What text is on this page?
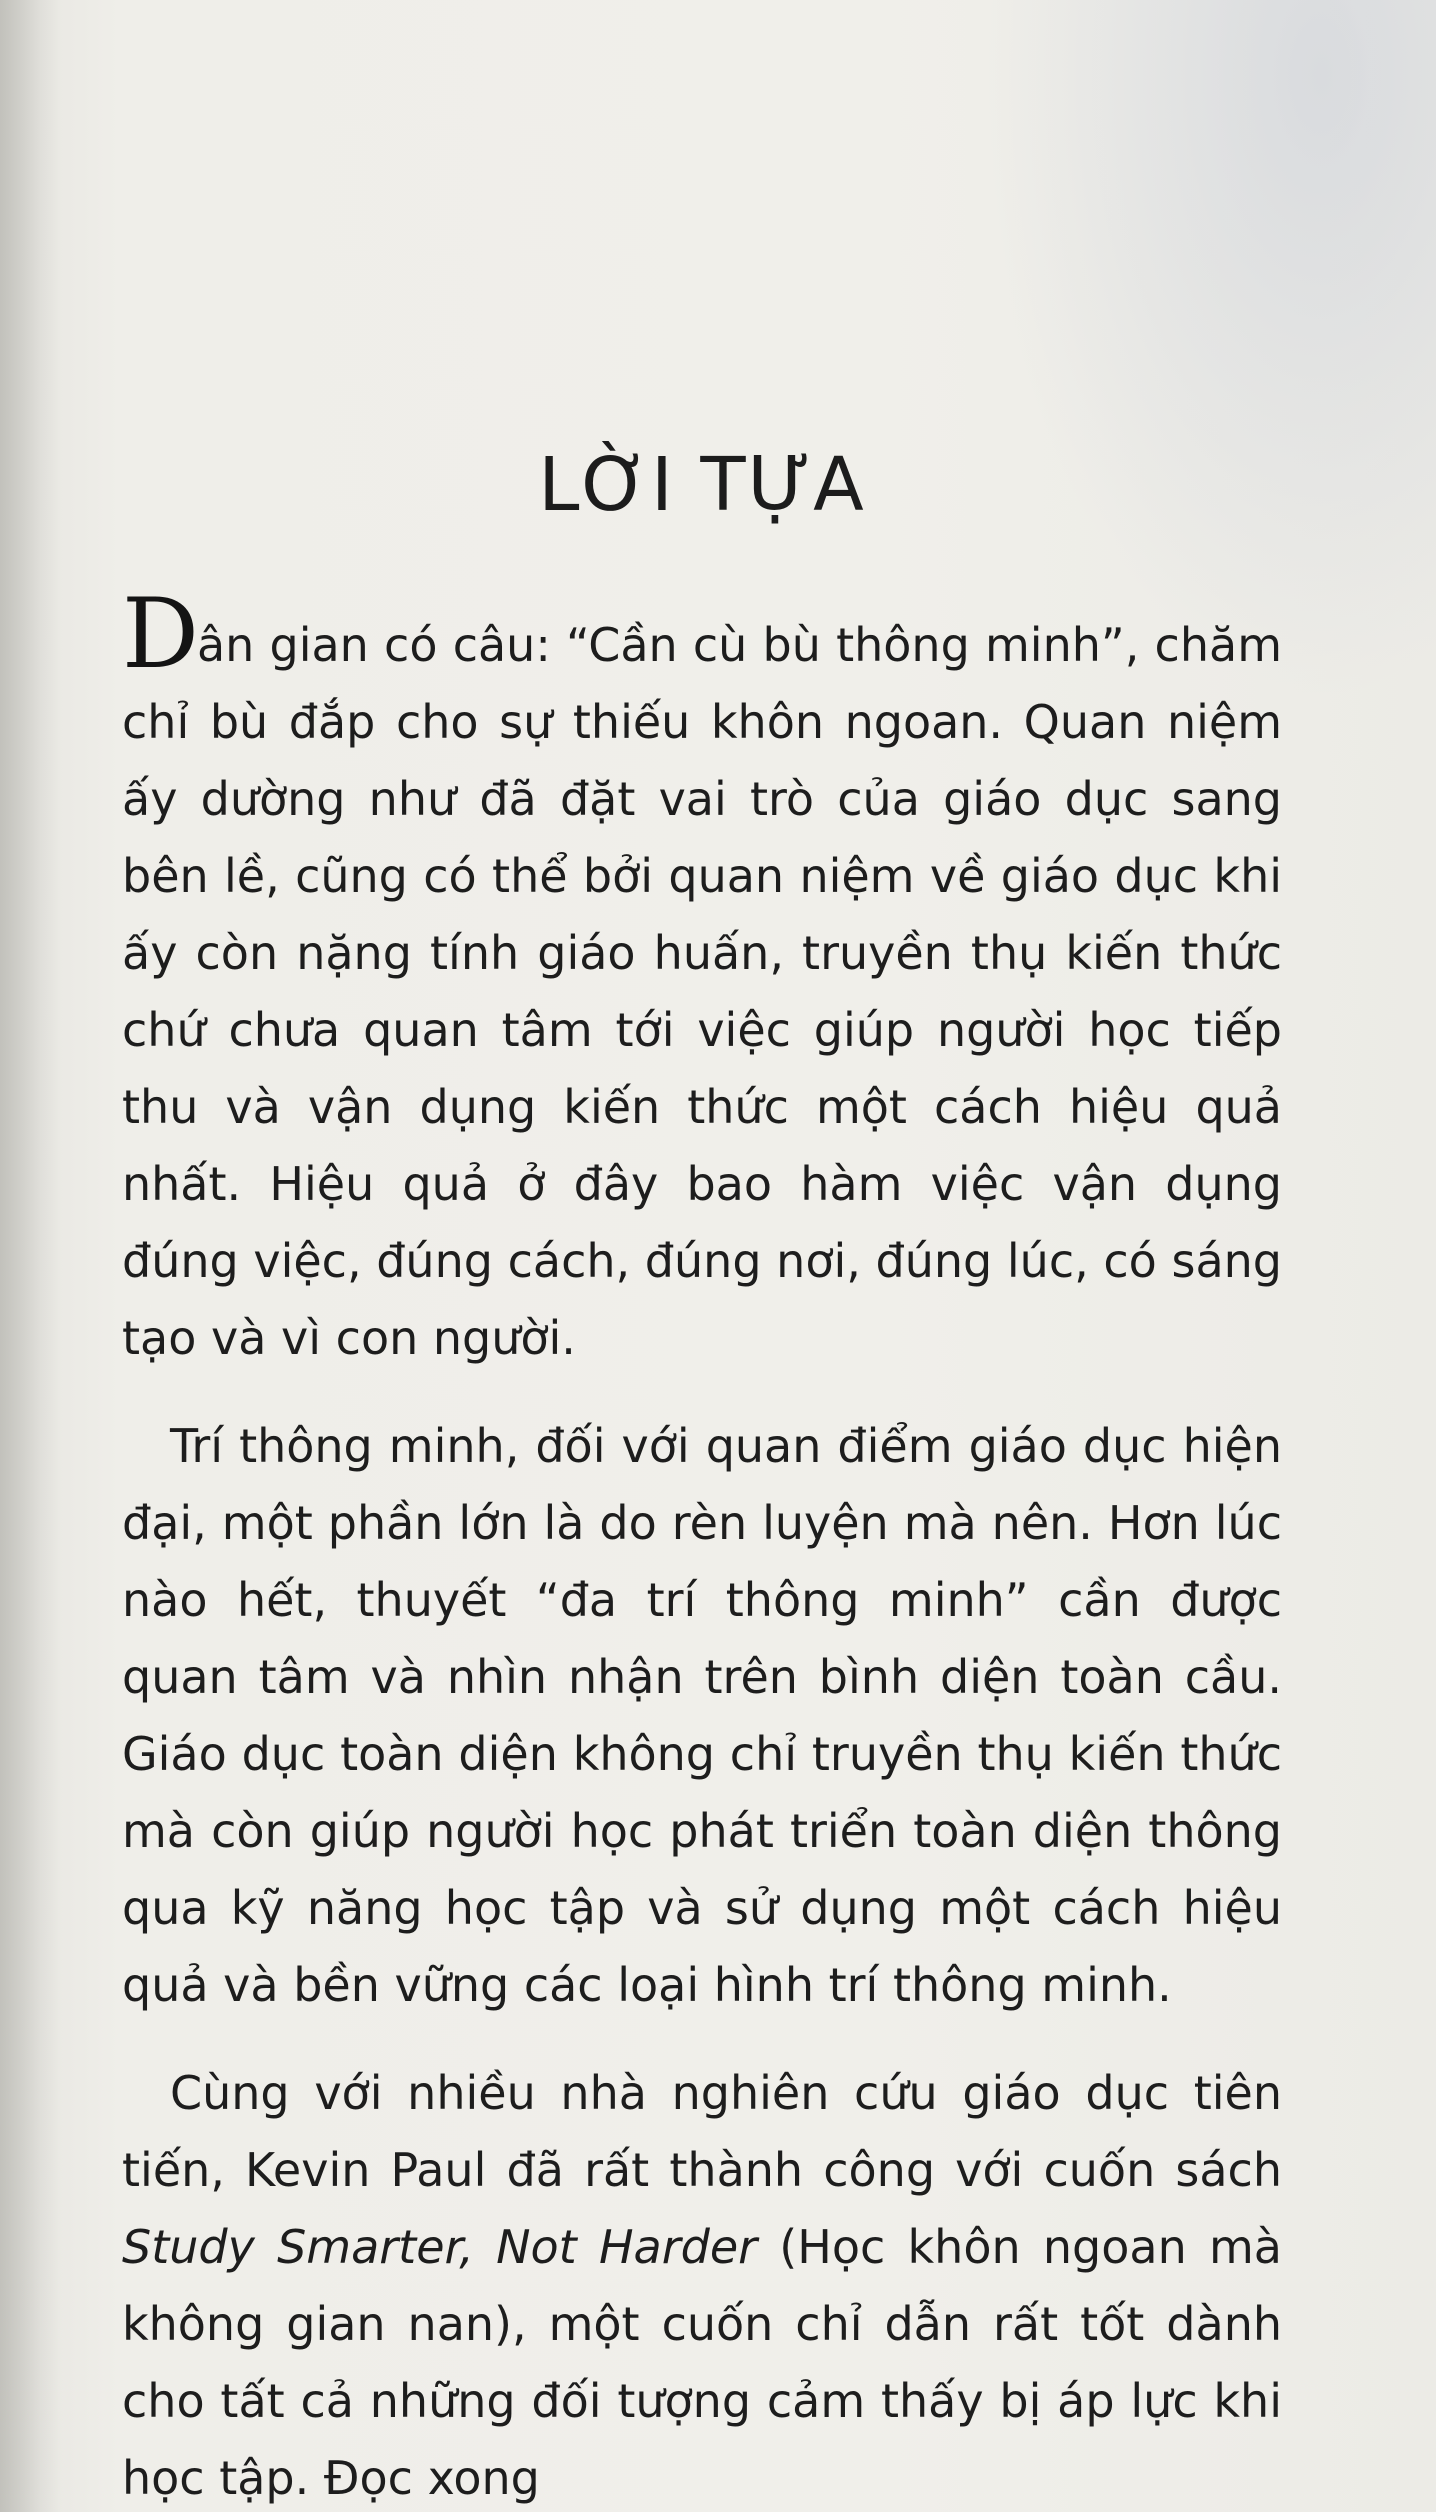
LỜI TỰA

Dân gian có câu: “Cần cù bù thông minh”, chăm chỉ bù đắp cho sự thiếu khôn ngoan. Quan niệm ấy dường như đã đặt vai trò của giáo dục sang bên lề, cũng có thể bởi quan niệm về giáo dục khi ấy còn nặng tính giáo huấn, truyền thụ kiến thức chứ chưa quan tâm tới việc giúp người học tiếp thu và vận dụng kiến thức một cách hiệu quả nhất. Hiệu quả ở đây bao hàm việc vận dụng đúng việc, đúng cách, đúng nơi, đúng lúc, có sáng tạo và vì con người.

Trí thông minh, đối với quan điểm giáo dục hiện đại, một phần lớn là do rèn luyện mà nên. Hơn lúc nào hết, thuyết “đa trí thông minh” cần được quan tâm và nhìn nhận trên bình diện toàn cầu. Giáo dục toàn diện không chỉ truyền thụ kiến thức mà còn giúp người học phát triển toàn diện thông qua kỹ năng học tập và sử dụng một cách hiệu quả và bền vững các loại hình trí thông minh.

Cùng với nhiều nhà nghiên cứu giáo dục tiên tiến, Kevin Paul đã rất thành công với cuốn sách Study Smarter, Not Harder (Học khôn ngoan mà không gian nan), một cuốn chỉ dẫn rất tốt dành cho tất cả những đối tượng cảm thấy bị áp lực khi học tập. Đọc xong
